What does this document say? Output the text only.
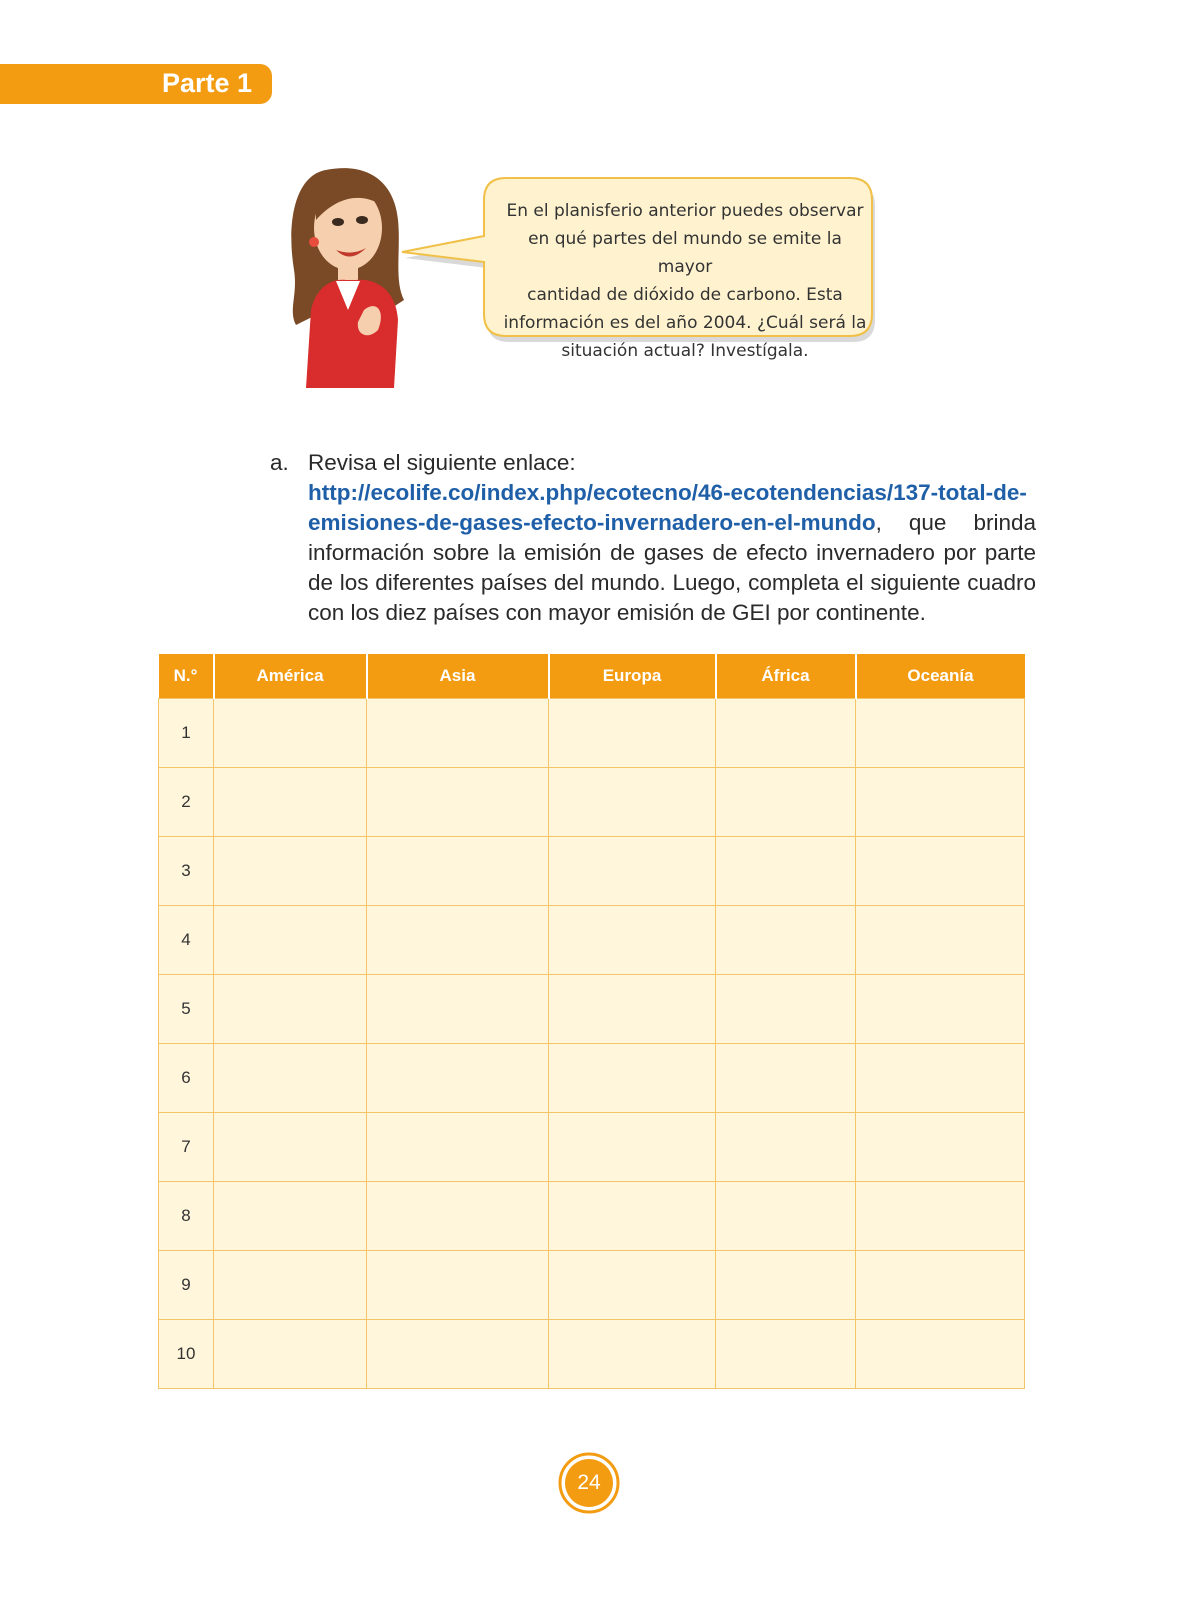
Parte 1

En el planisferio anterior puedes observar

en qué partes del mundo se emite la mayor

cantidad de dióxido de carbono. Esta

información es del año 2004. ¿Cuál será la

situación actual? Investígala.

a. Revisa el siguiente enlace:

http://ecolife.co/index.php/ecotecno/46-ecotendencias/137-total-de-emisiones-de-gases-efecto-invernadero-en-el-mundo, que brinda información sobre la emisión de gases de efecto invernadero por parte de los diferentes países del mundo. Luego, completa el siguiente cuadro con los diez países con mayor emisión de GEI por continente.

N.°	América	Asia	Europa	África	Oceanía
1					
2					
3					
4					
5					
6					
7					
8					
9					
10					
24
